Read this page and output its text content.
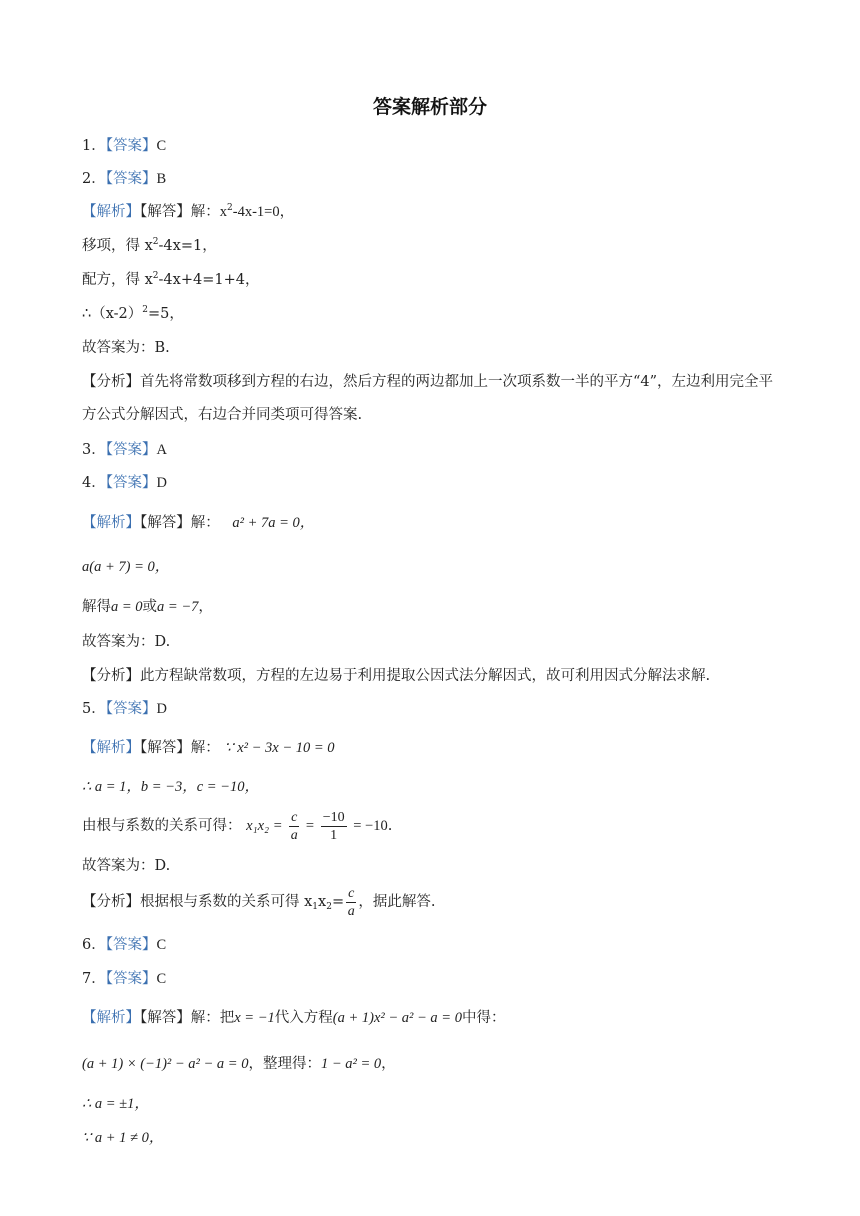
答案解析部分
1．【答案】C
2．【答案】B
【解析】【解答】解：$x^2-4x-1=0$，
移项，得 $x^2-4x=1$，
配方，得 $x^2-4x+4=1+4$，
$\therefore(x-2)^2=5$，
故答案为：B.
【分析】首先将常数项移到方程的右边，然后方程的两边都加上一次项系数一半的平方“4”，左边利用完全平方公式分解因式，右边合并同类项可得答案.
3．【答案】A
4．【答案】D
【解析】【解答】解： a² + 7a = 0，
a(a + 7) = 0，
解得a = 0或a = −7，
故答案为：D.
【分析】此方程缺常数项，方程的左边易于利用提取公因式法分解因式，故可利用因式分解法求解.
5．【答案】D
【解析】【解答】解： ∵ x² − 3x − 10 = 0
∴ a = 1，b = −3，c = −10，
由根与系数的关系可得： $x_1x_2 = \frac{c}{a} = \frac{-10}{1} = -10$.
故答案为：D.
【分析】根据根与系数的关系可得 $x_1x_2= \frac{c}{a}$ ，据此解答.
6．【答案】C
7．【答案】C
【解析】【解答】解：把x = −1代入方程(a + 1)x² − a² − a = 0中得：
(a + 1) × (−1)² − a² − a = 0，整理得：1 − a² = 0，
∴ a = ±1，
∵ a + 1 ≠ 0，
